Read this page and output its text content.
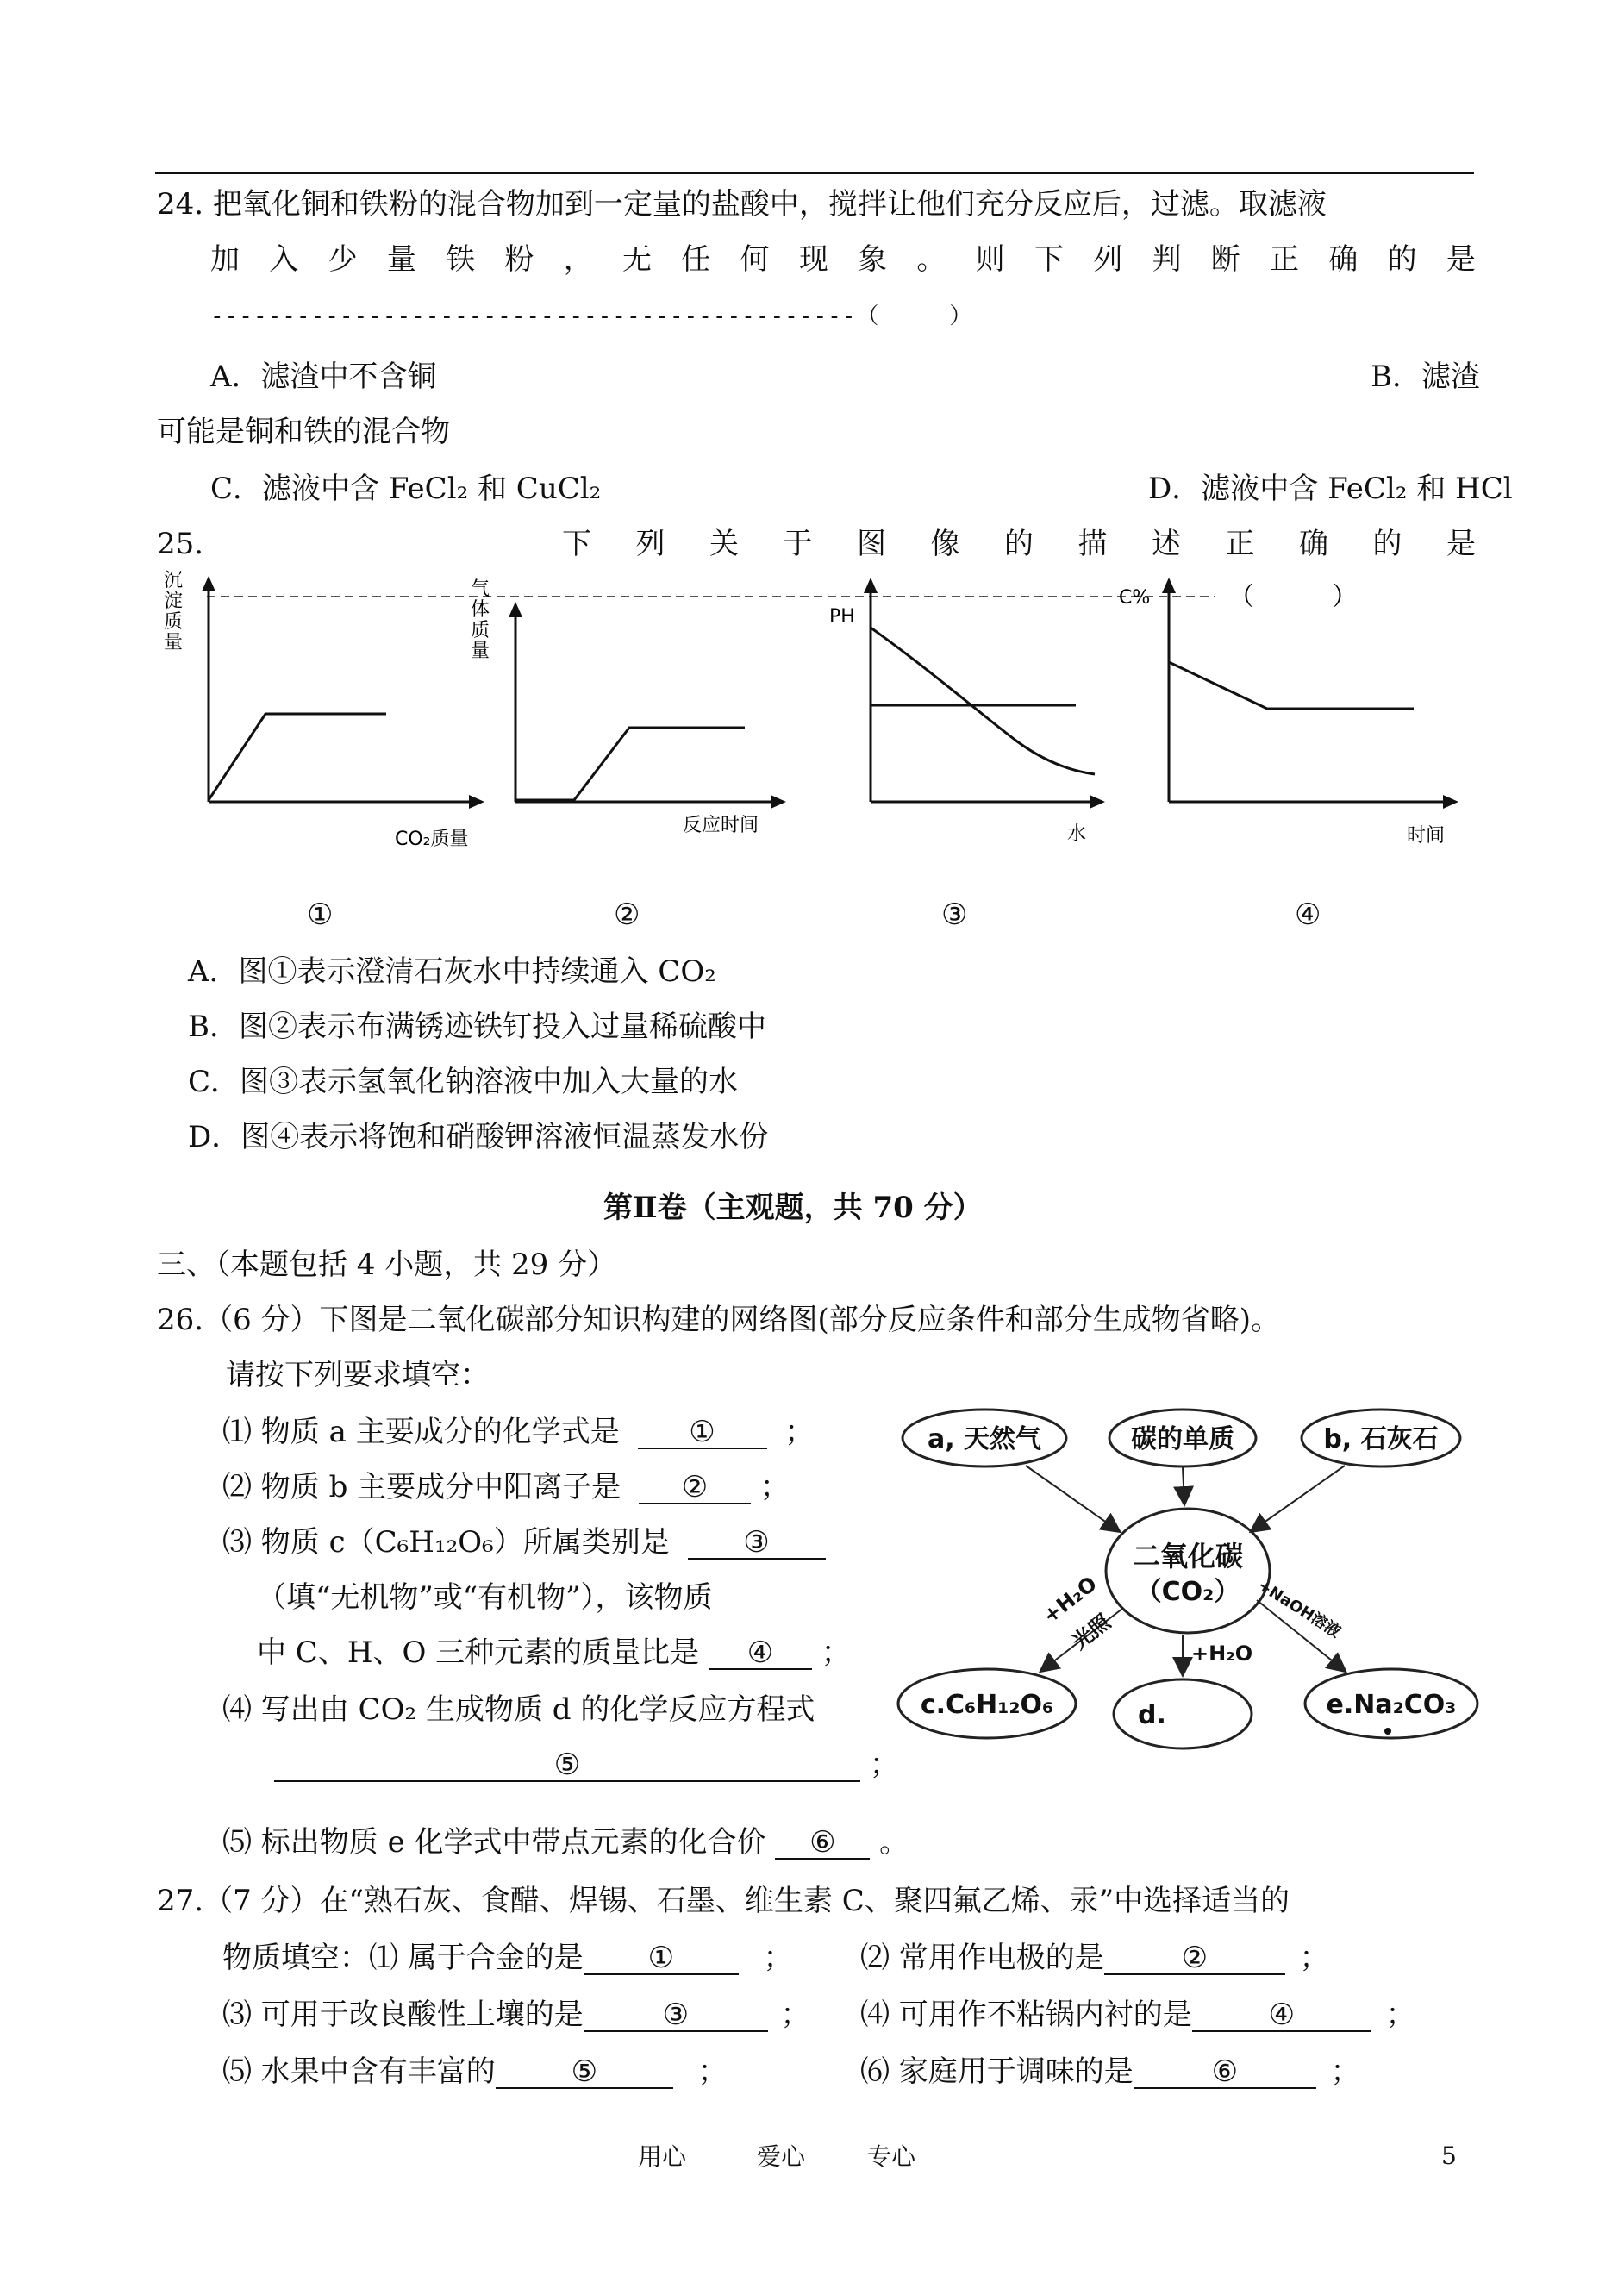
24. 把氧化铜和铁粉的混合物加到一定量的盐酸中，搅拌让他们充分反应后，过滤。取滤液
加 入 少 量 铁 粉 ， 无 任 何 现 象 。 则 下 列 判 断 正 确 的 是
---------------------------------------------（　　　）
A．滤渣中不含铜	B．滤渣
可能是铜和铁的混合物
C．滤液中含 FeCl₂ 和 CuCl₂	D．滤液中含 FeCl₂ 和 HCl
25.	下 列 关 于 图 像 的 描 述 正 确 的 是
（　　　）
沉
淀
质
量
CO₂质量
气
体
质
量
反应时间
PH
水
C%
时间
①	②	③	④
A．图①表示澄清石灰水中持续通入 CO₂
B．图②表示布满锈迹铁钉投入过量稀硫酸中
C．图③表示氢氧化钠溶液中加入大量的水
D．图④表示将饱和硝酸钾溶液恒温蒸发水份
第Ⅱ卷（主观题，共 70 分）
三、（本题包括 4 小题，共 29 分）
26.（6 分）下图是二氧化碳部分知识构建的网络图(部分反应条件和部分生成物省略)。
请按下列要求填空：
⑴ 物质 a 主要成分的化学式是 ① ；
⑵ 物质 b 主要成分中阳离子是 ② ；
⑶ 物质 c（C₆H₁₂O₆）所属类别是	③
（填“无机物”或“有机物”），该物质
中 C、H、O 三种元素的质量比是 ④ ；
⑷ 写出由 CO₂ 生成物质 d 的化学反应方程式
⑤	；
⑸ 标出物质 e 化学式中带点元素的化合价 ⑥ 。
a, 天然气	碳的单质	b, 石灰石
二氧化碳
（CO₂）
c.C₆H₁₂O₆	d.	e.Na₂CO₃
+H₂O
光照	+H₂O
+NaOH溶液
27.（7 分）在“熟石灰、食醋、焊锡、石墨、维生素 C、聚四氟乙烯、汞”中选择适当的
物质填空：⑴ 属于合金的是 ①	； ⑵ 常用作电极的是	②	；
⑶ 可用于改良酸性土壤的是	③	； ⑷ 可用作不粘锅内衬的是	④	；
⑸ 水果中含有丰富的	⑤	；	⑹ 家庭用于调味的是	⑥	；
用心	爱心	专心	5
